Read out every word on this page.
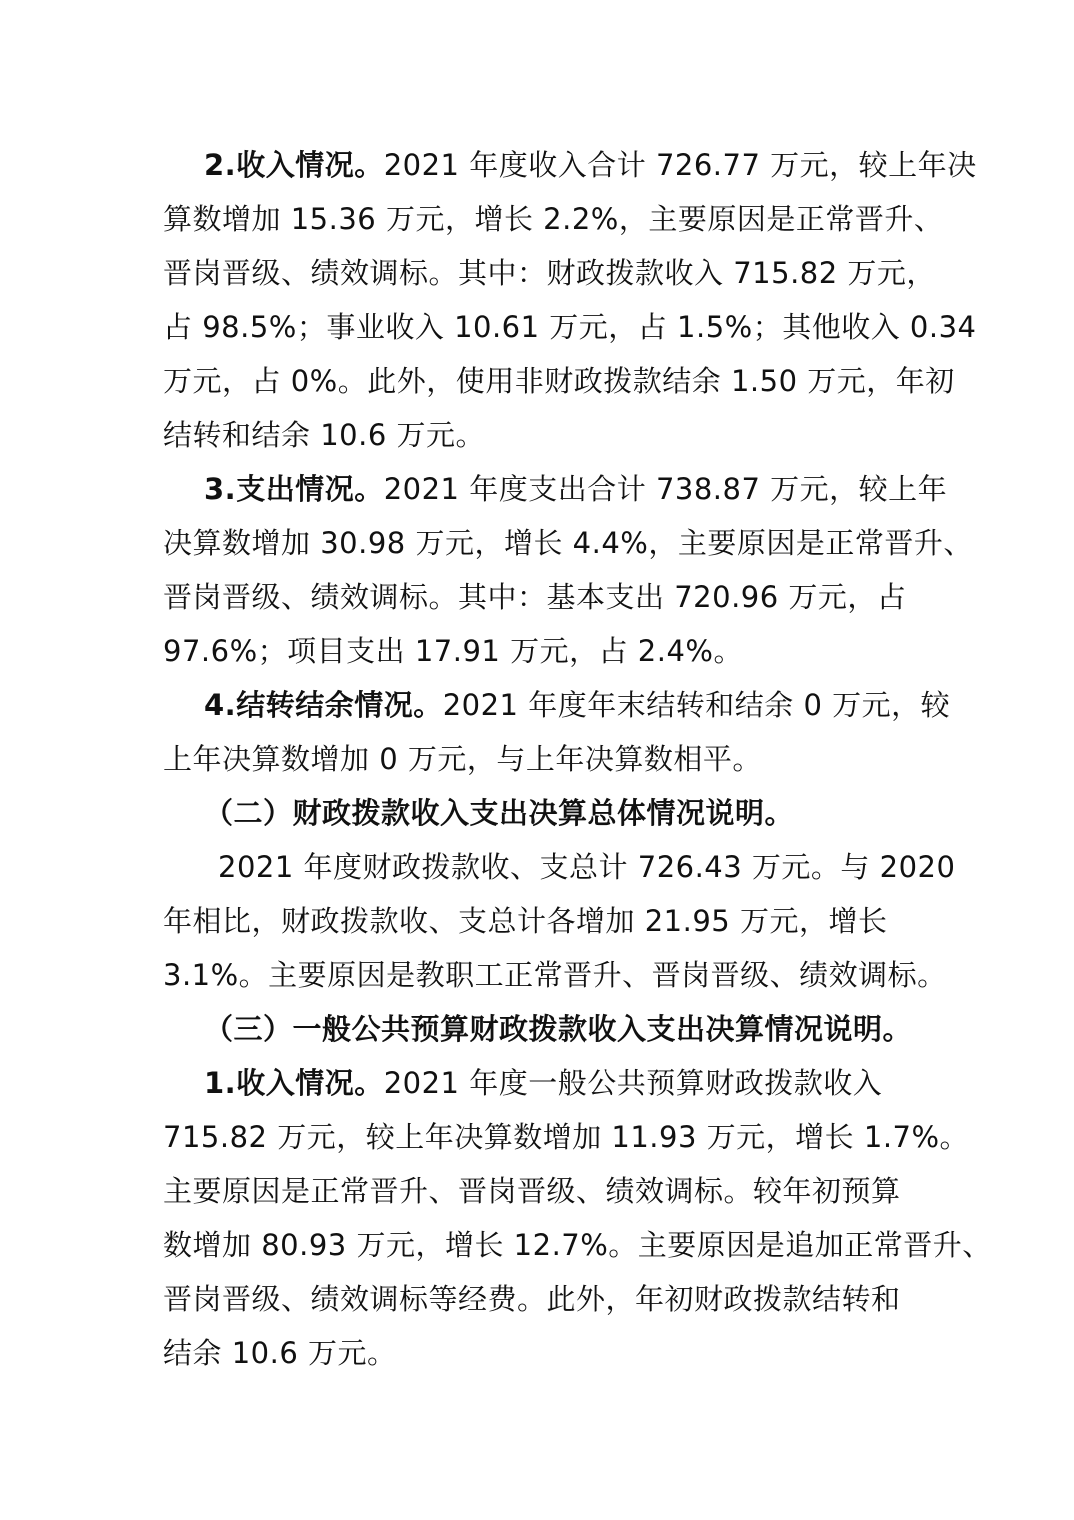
2.收入情况。2021 年度收入合计 726.77 万元，较上年决
算数增加 15.36 万元，增长 2.2%，主要原因是正常晋升、
晋岗晋级、绩效调标。其中：财政拨款收入 715.82 万元，
占 98.5%；事业收入 10.61 万元，占 1.5%；其他收入 0.34
万元，占 0%。此外，使用非财政拨款结余 1.50 万元，年初
结转和结余 10.6 万元。
3.支出情况。2021 年度支出合计 738.87 万元，较上年
决算数增加 30.98 万元，增长 4.4%，主要原因是正常晋升、
晋岗晋级、绩效调标。其中：基本支出 720.96 万元，占
97.6%；项目支出 17.91 万元，占 2.4%。
4.结转结余情况。2021 年度年末结转和结余 0 万元，较
上年决算数增加 0 万元，与上年决算数相平。
（二）财政拨款收入支出决算总体情况说明。
2021 年度财政拨款收、支总计 726.43 万元。与 2020
年相比，财政拨款收、支总计各增加 21.95 万元，增长
3.1%。主要原因是教职工正常晋升、晋岗晋级、绩效调标。
（三）一般公共预算财政拨款收入支出决算情况说明。
1.收入情况。2021 年度一般公共预算财政拨款收入
715.82 万元，较上年决算数增加 11.93 万元，增长 1.7%。
主要原因是正常晋升、晋岗晋级、绩效调标。较年初预算
数增加 80.93 万元，增长 12.7%。主要原因是追加正常晋升、
晋岗晋级、绩效调标等经费。此外，年初财政拨款结转和
结余 10.6 万元。
